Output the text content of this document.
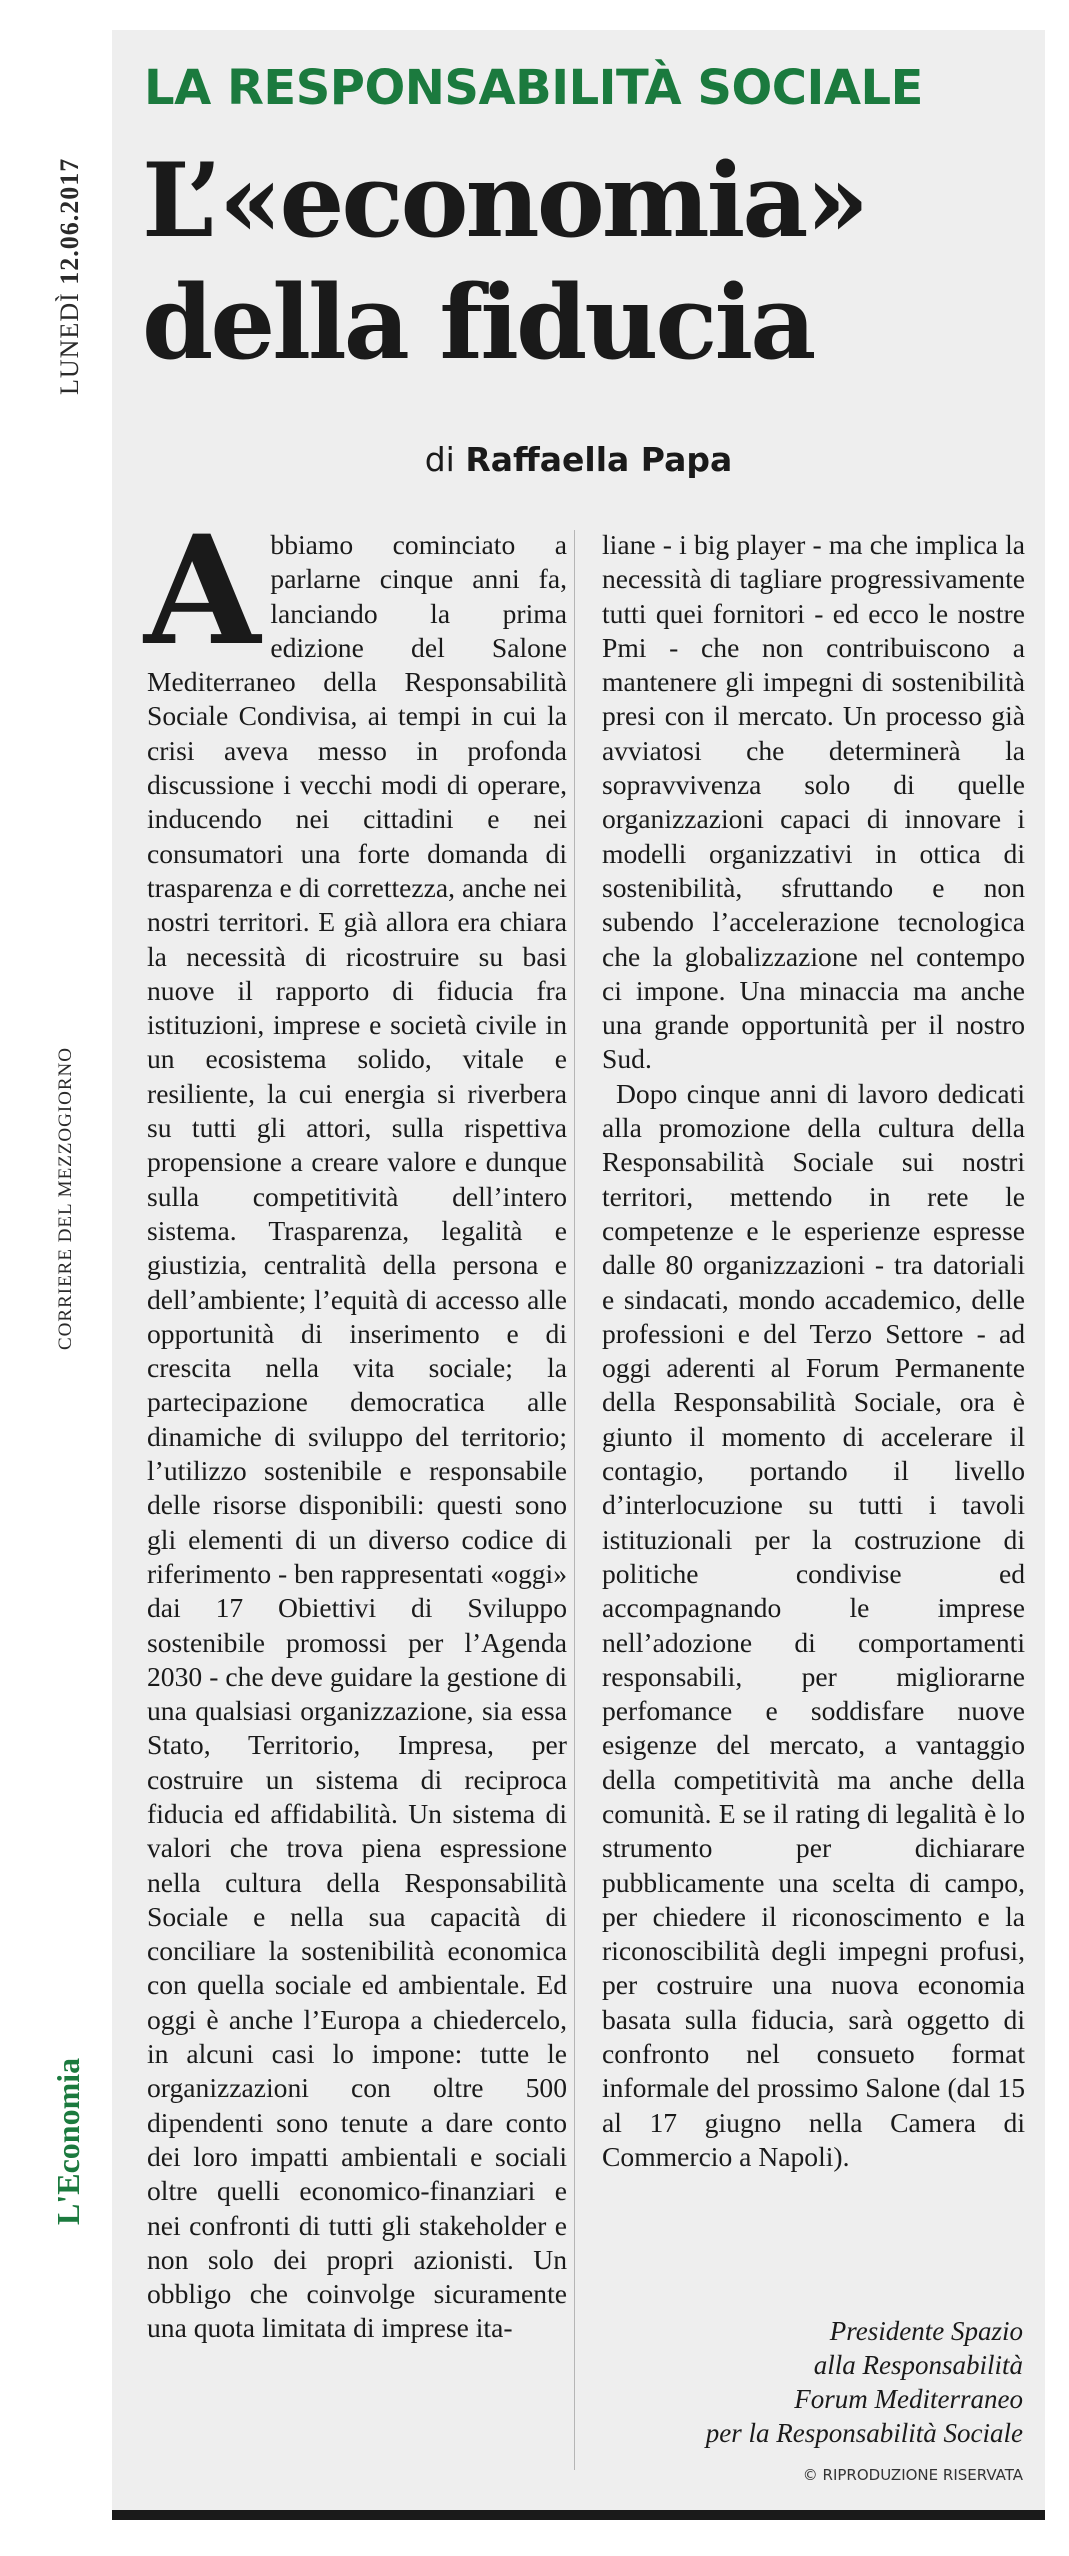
LUNEDÌ 12.06.2017
CORRIERE DEL MEZZOGIORNO
L'Economia
LA RESPONSABILITÀ SOCIALE
L’«economia»
della fiducia
di Raffaella Papa
A bbiamo cominciato a parlarne cinque anni fa, lanciando la prima edizione del Salone Mediterraneo della Responsabilità Sociale Condivisa, ai tempi in cui la crisi aveva messo in profonda discussione i vecchi modi di operare, inducendo nei cittadini e nei consumatori una forte domanda di trasparenza e di correttezza, anche nei nostri territori. E già allora era chiara la necessità di ricostruire su basi nuove il rapporto di fiducia fra istituzioni, imprese e società civile in un ecosistema solido, vitale e resiliente, la cui energia si riverbera su tutti gli attori, sulla rispettiva propensione a creare valore e dunque sulla competitività dell’intero sistema. Trasparenza, legalità e giustizia, centralità della persona e dell’ambiente; l’equità di accesso alle opportunità di inserimento e di crescita nella vita sociale; la partecipazione democratica alle dinamiche di sviluppo del territorio; l’utilizzo sostenibile e responsabile delle risorse disponibili: questi sono gli elementi di un diverso codice di riferimento - ben rappresentati «oggi» dai 17 Obiettivi di Sviluppo sostenibile promossi per l’Agenda 2030 - che deve guidare la gestione di una qualsiasi organizzazione, sia essa Stato, Territorio, Impresa, per costruire un sistema di reciproca fiducia ed affidabilità. Un sistema di valori che trova piena espressione nella cultura della Responsabilità Sociale e nella sua capacità di conciliare la sostenibilità economica con quella sociale ed ambientale. Ed oggi è anche l’Europa a chiedercelo, in alcuni casi lo impone: tutte le organizzazioni con oltre 500 dipendenti sono tenute a dare conto dei loro impatti ambientali e sociali oltre quelli economico-finanziari e nei confronti di tutti gli stakeholder e non solo dei propri azionisti. Un obbligo che coinvolge sicuramente una quota limitata di imprese ita-

liane - i big player - ma che implica la necessità di tagliare progressivamente tutti quei fornitori - ed ecco le nostre Pmi - che non contribuiscono a mantenere gli impegni di sostenibilità presi con il mercato. Un processo già avviatosi che determinerà la sopravvivenza solo di quelle organizzazioni capaci di innovare i modelli organizzativi in ottica di sostenibilità, sfruttando e non subendo l’accelerazione tecnologica che la globalizzazione nel contempo ci impone. Una minaccia ma anche una grande opportunità per il nostro Sud.

Dopo cinque anni di lavoro dedicati alla promozione della cultura della Responsabilità Sociale sui nostri territori, mettendo in rete le competenze e le esperienze espresse dalle 80 organizzazioni - tra datoriali e sindacati, mondo accademico, delle professioni e del Terzo Settore - ad oggi aderenti al Forum Permanente della Responsabilità Sociale, ora è giunto il momento di accelerare il contagio, portando il livello d’interlocuzione su tutti i tavoli istituzionali per la costruzione di politiche condivise ed accompagnando le imprese nell’adozione di comportamenti responsabili, per migliorarne perfomance e soddisfare nuove esigenze del mercato, a vantaggio della competitività ma anche della comunità. E se il rating di legalità è lo strumento per dichiarare pubblicamente una scelta di campo, per chiedere il riconoscimento e la riconoscibilità degli impegni profusi, per costruire una nuova economia basata sulla fiducia, sarà oggetto di confronto nel consueto format informale del prossimo Salone (dal 15 al 17 giugno nella Camera di Commercio a Napoli).

Presidente Spazio
alla Responsabilità
Forum Mediterraneo
per la Responsabilità Sociale
© RIPRODUZIONE RISERVATA
